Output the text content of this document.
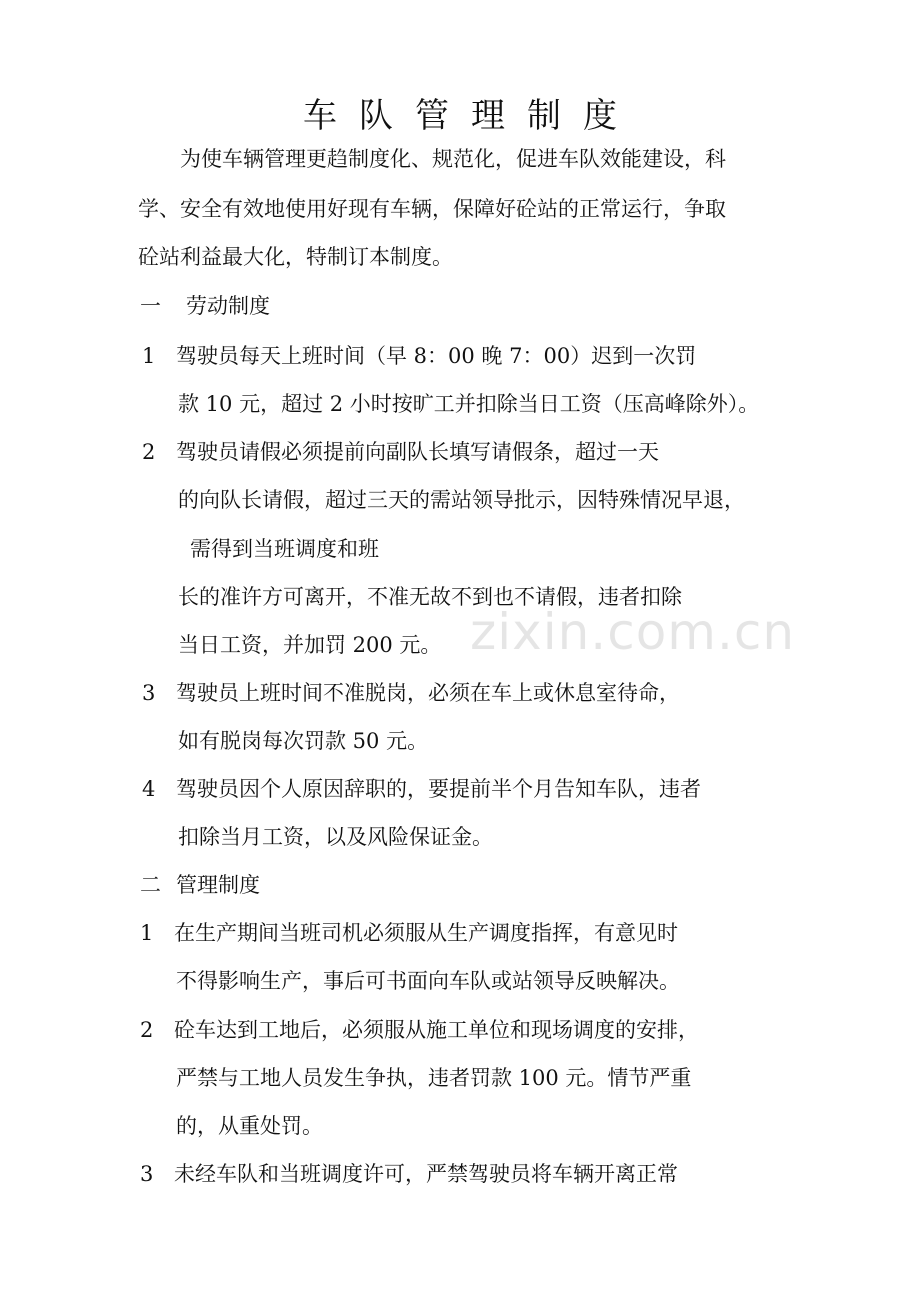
车队管理制度
为使车辆管理更趋制度化、规范化，促进车队效能建设，科
学、安全有效地使用好现有车辆，保障好砼站的正常运行，争取
砼站利益最大化，特制订本制度。
一 劳动制度
1 驾驶员每天上班时间（早 8：00 晚 7：00）迟到一次罚
款 10 元，超过 2 小时按旷工并扣除当日工资（压高峰除外）。
2 驾驶员请假必须提前向副队长填写请假条，超过一天
的向队长请假，超过三天的需站领导批示，因特殊情况早退，
需得到当班调度和班
长的准许方可离开，不准无故不到也不请假，违者扣除
当日工资，并加罚 200 元。
3 驾驶员上班时间不准脱岗，必须在车上或休息室待命，
如有脱岗每次罚款 50 元。
4 驾驶员因个人原因辞职的，要提前半个月告知车队，违者
扣除当月工资，以及风险保证金。
二 管理制度
1 在生产期间当班司机必须服从生产调度指挥，有意见时
不得影响生产，事后可书面向车队或站领导反映解决。
2 砼车达到工地后，必须服从施工单位和现场调度的安排，
严禁与工地人员发生争执，违者罚款 100 元。情节严重
的，从重处罚。
3 未经车队和当班调度许可，严禁驾驶员将车辆开离正常
zixin.com.cn
